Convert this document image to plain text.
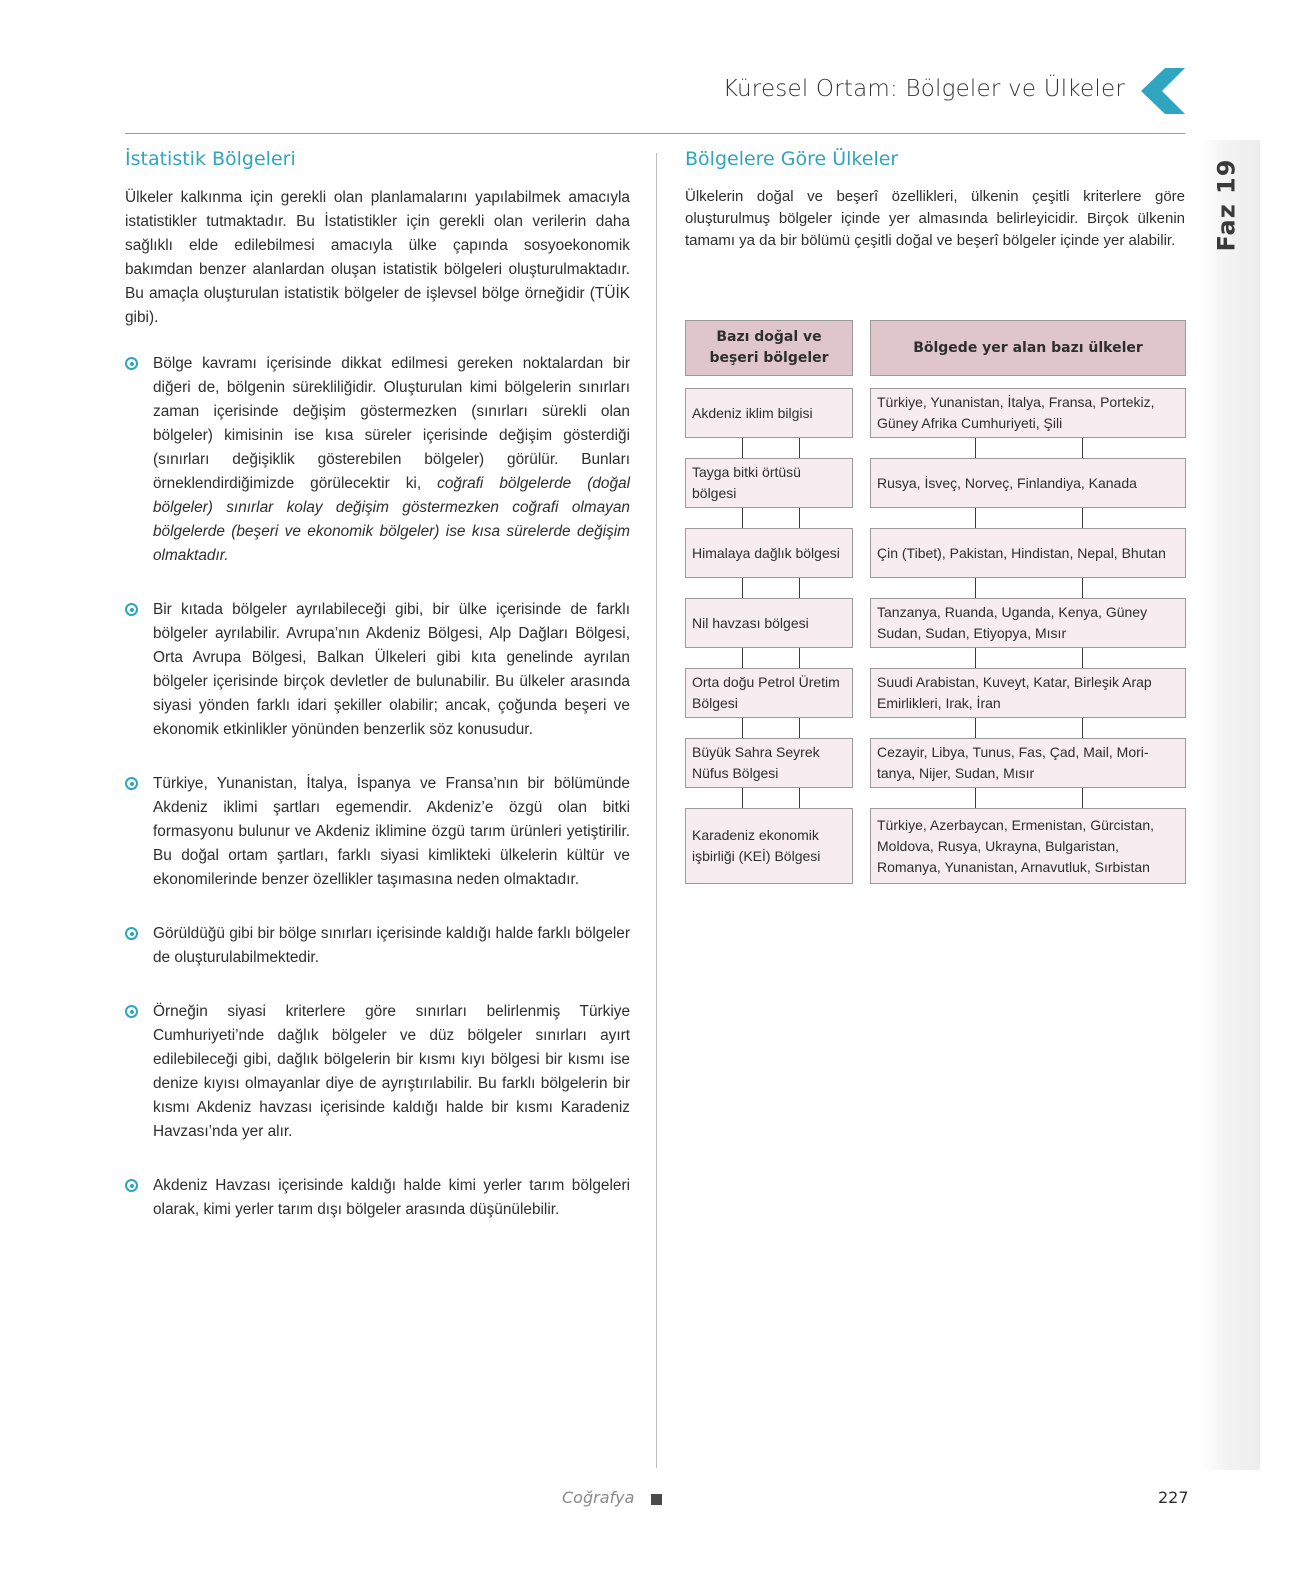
Küresel Ortam: Bölgeler ve Ülkeler
Faz 19
İstatistik Bölgeleri

Ülkeler kalkınma için gerekli olan planlamalarını yapılabilmek amacıyla istatistikler tutmaktadır. Bu İstatistikler için gerekli olan verilerin daha sağlıklı elde edilebilmesi amacıyla ülke çapında sosyoekonomik bakımdan benzer alanlardan oluşan istatistik bölgeleri oluşturulmaktadır. Bu amaçla oluşturulan istatistik bölgeler de işlevsel bölge örneğidir (TÜİK gibi).

Bölge kavramı içerisinde dikkat edilmesi gereken noktalardan bir diğeri de, bölgenin sürekliliğidir. Oluşturulan kimi bölgelerin sınırları zaman içerisinde değişim göstermezken (sınırları sürekli olan bölgeler) kimisinin ise kısa süreler içerisinde değişim gösterdiği (sınırları değişiklik gösterebilen bölgeler) görülür. Bunları örneklendirdiğimizde görülecektir ki, coğrafi bölgelerde (doğal bölgeler) sınırlar kolay değişim göstermezken coğrafi olmayan bölgelerde (beşeri ve ekonomik bölgeler) ise kısa sürelerde değişim olmaktadır.

Bir kıtada bölgeler ayrılabileceği gibi, bir ülke içerisinde de farklı bölgeler ayrılabilir. Avrupa’nın Akdeniz Bölgesi, Alp Dağları Bölgesi, Orta Avrupa Bölgesi, Balkan Ülkeleri gibi kıta genelinde ayrılan bölgeler içerisinde birçok devletler de bulunabilir. Bu ülkeler arasında siyasi yönden farklı idari şekiller olabilir; ancak, çoğunda beşeri ve ekonomik etkinlikler yönünden benzerlik söz konusudur.

Türkiye, Yunanistan, İtalya, İspanya ve Fransa’nın bir bölümünde Akdeniz iklimi şartları egemendir. Akdeniz’e özgü olan bitki formasyonu bulunur ve Akdeniz iklimine özgü tarım ürünleri yetiştirilir. Bu doğal ortam şartları, farklı siyasi kimlikteki ülkelerin kültür ve ekonomilerinde benzer özellikler taşımasına neden olmaktadır.

Görüldüğü gibi bir bölge sınırları içerisinde kaldığı halde farklı bölgeler de oluşturulabilmektedir.

Örneğin siyasi kriterlere göre sınırları belirlenmiş Türkiye Cumhuriyeti’nde dağlık bölgeler ve düz bölgeler sınırları ayırt edilebileceği gibi, dağlık bölgelerin bir kısmı kıyı bölgesi bir kısmı ise denize kıyısı olmayanlar diye de ayrıştırılabilir. Bu farklı bölgelerin bir kısmı Akdeniz havzası içerisinde kaldığı halde bir kısmı Karadeniz Havzası’nda yer alır.

Akdeniz Havzası içerisinde kaldığı halde kimi yerler tarım bölgeleri olarak, kimi yerler tarım dışı bölgeler arasında düşünülebilir.

Bölgelere Göre Ülkeler

Ülkelerin doğal ve beşerî özellikleri, ülkenin çeşitli kriterlere göre oluşturulmuş bölgeler içinde yer almasında belirleyicidir. Birçok ülkenin tamamı ya da bir bölümü çeşitli doğal ve beşerî bölgeler içinde yer alabilir.

Bazı doğal ve beşeri bölgeler
Bölgede yer alan bazı ülkeler
Akdeniz iklim bilgisi
Türkiye, Yunanistan, İtalya, Fransa, Portekiz, Güney Afrika Cumhuriyeti, Şili
Tayga bitki örtüsü bölgesi
Rusya, İsveç, Norveç, Finlandiya, Kanada
Himalaya dağlık bölgesi	Çin (Tibet), Pakistan, Hindistan, Nepal, Bhutan
Nil havzası bölgesi
Tanzanya, Ruanda, Uganda, Kenya, Güney Sudan, Sudan, Etiyopya, Mısır
Orta doğu Petrol Üretim Bölgesi
Suudi Arabistan, Kuveyt, Katar, Birleşik Arap Emirlikleri, Irak, İran
Büyük Sahra Seyrek Nüfus Bölgesi
Cezayir, Libya, Tunus, Fas, Çad, Mail, Moritanya, Nijer, Sudan, Mısır
Karadeniz ekonomik işbirliği (KEİ) Bölgesi
Türkiye, Azerbaycan, Ermenistan, Gürcistan, Moldova, Rusya, Ukrayna, Bulgaristan, Romanya, Yunanistan, Arnavutluk, Sırbistan
Coğrafya	227
